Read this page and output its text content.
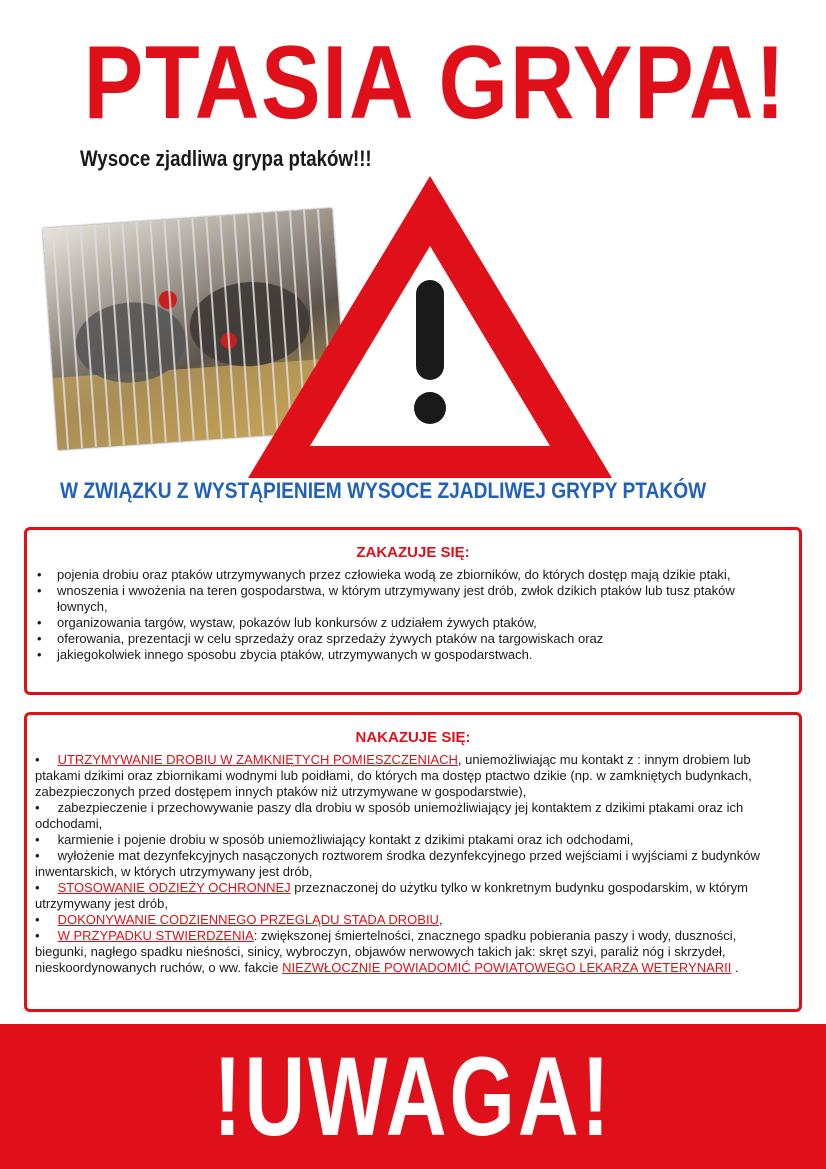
PTASIA GRYPA!
Wysoce zjadliwa grypa ptaków!!!
W ZWIĄZKU Z WYSTĄPIENIEM WYSOCE ZJADLIWEJ GRYPY PTAKÓW

ZAKAZUJE SIĘ:

• pojenia drobiu oraz ptaków utrzymywanych przez człowieka wodą ze zbiorników, do których dostęp mają dzikie ptaki,
• wnoszenia i wwożenia na teren gospodarstwa, w którym utrzymywany jest drób, zwłok dzikich ptaków lub tusz ptaków łownych,
• organizowania targów, wystaw, pokazów lub konkursów z udziałem żywych ptaków,
• oferowania, prezentacji w celu sprzedaży oraz sprzedaży żywych ptaków na targowiskach oraz
• jakiegokolwiek innego sposobu zbycia ptaków, utrzymywanych w gospodarstwach.

NAKAZUJE SIĘ:

• UTRZYMYWANIE DROBIU W ZAMKNIĘTYCH POMIESZCZENIACH, uniemożliwiając mu kontakt z : innym drobiem lub ptakami dzikimi oraz zbiornikami wodnymi lub poidłami, do których ma dostęp ptactwo dzikie (np. w zamkniętych budynkach, zabezpieczonych przed dostępem innych ptaków niż utrzymywane w gospodarstwie),
• zabezpieczenie i przechowywanie paszy dla drobiu w sposób uniemożliwiający jej kontaktem z dzikimi ptakami oraz ich odchodami,
• karmienie i pojenie drobiu w sposób uniemożliwiający kontakt z dzikimi ptakami oraz ich odchodami,
• wyłożenie mat dezynfekcyjnych nasączonych roztworem środka dezynfekcyjnego przed wejściami i wyjściami z budynków inwentarskich, w których utrzymywany jest drób,
• STOSOWANIE ODZIEŻY OCHRONNEJ przeznaczonej do użytku tylko w konkretnym budynku gospodarskim, w którym utrzymywany jest drób,
• DOKONYWANIE CODZIENNEGO PRZEGLĄDU STADA DROBIU,
• W PRZYPADKU STWIERDZENIA: zwiększonej śmiertelności, znacznego spadku pobierania paszy i wody, duszności, biegunki, nagłego spadku nieśności, sinicy, wybroczyn, objawów nerwowych takich jak: skręt szyi, paraliż nóg i skrzydeł, nieskoordynowanych ruchów, o ww. fakcie NIEZWŁOCZNIE POWIADOMIĆ POWIATOWEGO LEKARZA WETERYNARII .
!UWAGA!
